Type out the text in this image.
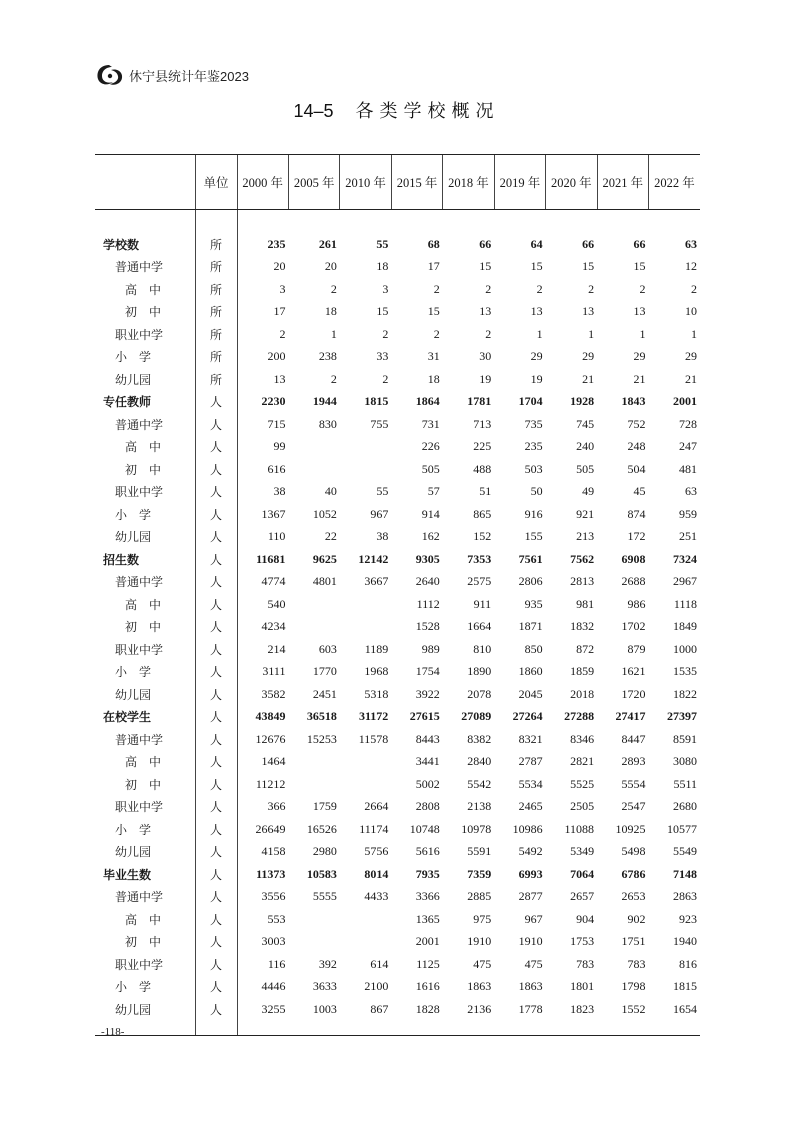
休宁县统计年鉴2023
14–5 各类学校概况
	单位	2000 年	2005 年	2010 年	2015 年	2018 年	2019 年	2020 年	2021 年	2022 年

学校数	所	235	261	55	68	66	64	66	66	63
普通中学	所	20	20	18	17	15	15	15	15	12
高　中	所	3	2	3	2	2	2	2	2	2
初　中	所	17	18	15	15	13	13	13	13	10
职业中学	所	2	1	2	2	2	1	1	1	1
小　学	所	200	238	33	31	30	29	29	29	29
幼儿园	所	13	2	2	18	19	19	21	21	21
专任教师	人	2230	1944	1815	1864	1781	1704	1928	1843	2001
普通中学	人	715	830	755	731	713	735	745	752	728
高　中	人	99			226	225	235	240	248	247
初　中	人	616			505	488	503	505	504	481
职业中学	人	38	40	55	57	51	50	49	45	63
小　学	人	1367	1052	967	914	865	916	921	874	959
幼儿园	人	110	22	38	162	152	155	213	172	251
招生数	人	11681	9625	12142	9305	7353	7561	7562	6908	7324
普通中学	人	4774	4801	3667	2640	2575	2806	2813	2688	2967
高　中	人	540			1112	911	935	981	986	1118
初　中	人	4234			1528	1664	1871	1832	1702	1849
职业中学	人	214	603	1189	989	810	850	872	879	1000
小　学	人	3111	1770	1968	1754	1890	1860	1859	1621	1535
幼儿园	人	3582	2451	5318	3922	2078	2045	2018	1720	1822
在校学生	人	43849	36518	31172	27615	27089	27264	27288	27417	27397
普通中学	人	12676	15253	11578	8443	8382	8321	8346	8447	8591
高　中	人	1464			3441	2840	2787	2821	2893	3080
初　中	人	11212			5002	5542	5534	5525	5554	5511
职业中学	人	366	1759	2664	2808	2138	2465	2505	2547	2680
小　学	人	26649	16526	11174	10748	10978	10986	11088	10925	10577
幼儿园	人	4158	2980	5756	5616	5591	5492	5349	5498	5549
毕业生数	人	11373	10583	8014	7935	7359	6993	7064	6786	7148
普通中学	人	3556	5555	4433	3366	2885	2877	2657	2653	2863
高　中	人	553			1365	975	967	904	902	923
初　中	人	3003			2001	1910	1910	1753	1751	1940
职业中学	人	116	392	614	1125	475	475	783	783	816
小　学	人	4446	3633	2100	1616	1863	1863	1801	1798	1815
幼儿园	人	3255	1003	867	1828	2136	1778	1823	1552	1654

-118-
